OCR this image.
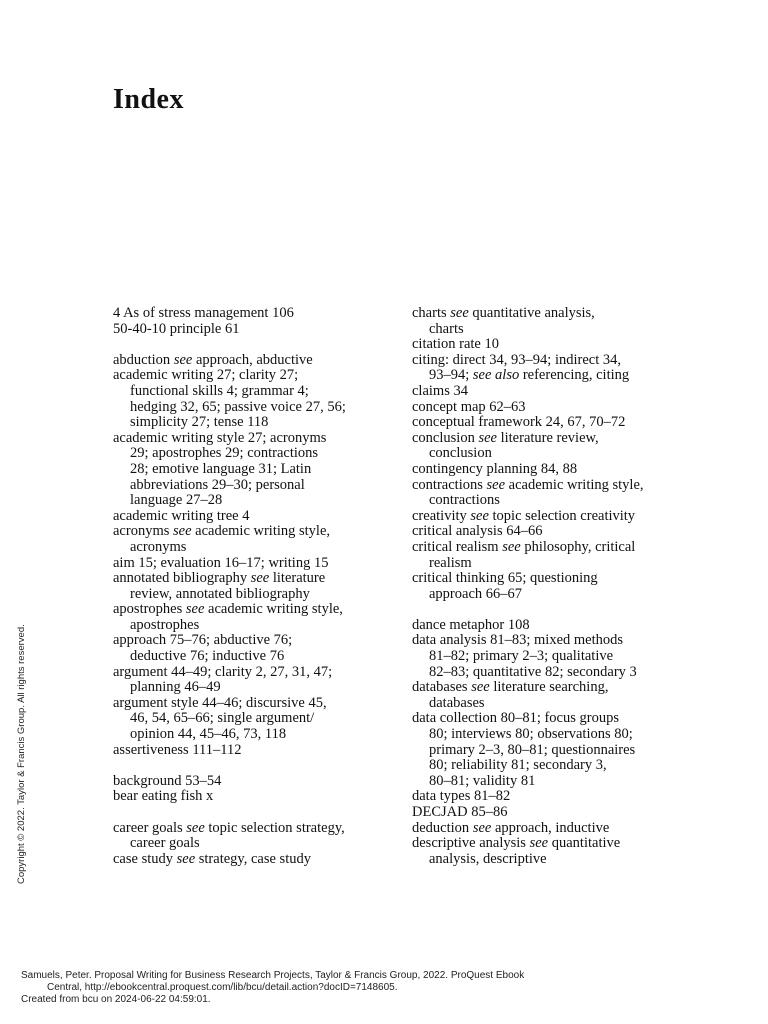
Index
4 As of stress management 106
50-40-10 principle 61
abduction see approach, abductive
academic writing 27; clarity 27;
functional skills 4; grammar 4;
hedging 32, 65; passive voice 27, 56;
simplicity 27; tense 118
academic writing style 27; acronyms
29; apostrophes 29; contractions
28; emotive language 31; Latin
abbreviations 29–30; personal
language 27–28
academic writing tree 4
acronyms see academic writing style,
acronyms
aim 15; evaluation 16–17; writing 15
annotated bibliography see literature
review, annotated bibliography
apostrophes see academic writing style,
apostrophes
approach 75–76; abductive 76;
deductive 76; inductive 76
argument 44–49; clarity 2, 27, 31, 47;
planning 46–49
argument style 44–46; discursive 45,
46, 54, 65–66; single argument/
opinion 44, 45–46, 73, 118
assertiveness 111–112
background 53–54
bear eating fish x
career goals see topic selection strategy,
career goals
case study see strategy, case study
charts see quantitative analysis,
charts
citation rate 10
citing: direct 34, 93–94; indirect 34,
93–94; see also referencing, citing
claims 34
concept map 62–63
conceptual framework 24, 67, 70–72
conclusion see literature review,
conclusion
contingency planning 84, 88
contractions see academic writing style,
contractions
creativity see topic selection creativity
critical analysis 64–66
critical realism see philosophy, critical
realism
critical thinking 65; questioning
approach 66–67
dance metaphor 108
data analysis 81–83; mixed methods
81–82; primary 2–3; qualitative
82–83; quantitative 82; secondary 3
databases see literature searching,
databases
data collection 80–81; focus groups
80; interviews 80; observations 80;
primary 2–3, 80–81; questionnaires
80; reliability 81; secondary 3,
80–81; validity 81
data types 81–82
DECJAD 85–86
deduction see approach, inductive
descriptive analysis see quantitative
analysis, descriptive
Copyright © 2022. Taylor & Francis Group. All rights reserved.
Samuels, Peter. Proposal Writing for Business Research Projects, Taylor & Francis Group, 2022. ProQuest Ebook
Central, http://ebookcentral.proquest.com/lib/bcu/detail.action?docID=7148605.
Created from bcu on 2024-06-22 04:59:01.
